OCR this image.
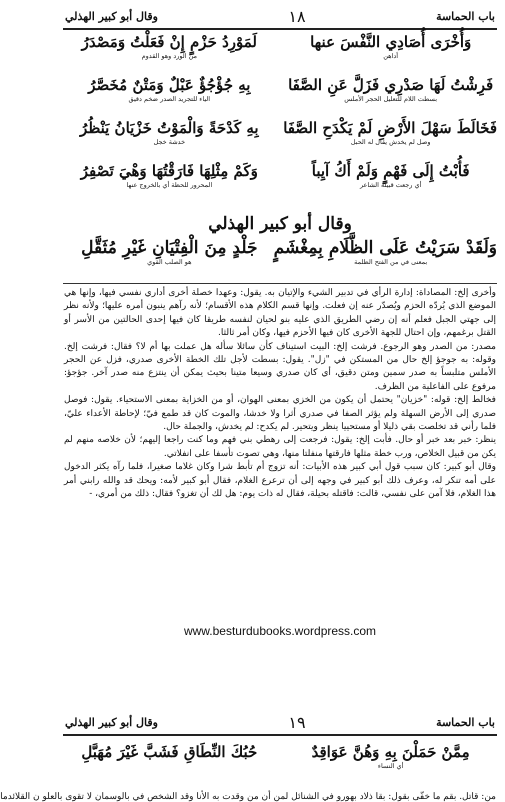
باب الحماسة
١٨
وقال أبو كبير الهذلي
وَأُخْرَى أُصَادِي النَّفْسَ عنها
أداهن
لَمَوْرِدُ حَزْمٍ إِنْ فَعَلْتُ وَمَصْدَرُ
من الورد وهو القدوم
فَرِشْتُ لَهَا صَدْرِي فَزَلَّ عَنِ الصَّفَا
بسطت اللام للتعليل الحجر الأملس
بِهِ جُؤْجُؤٌ عَبْلٌ وَمَتْنٌ مُخَصَّرُ
الياء للتجريد الصدر ضخم دقيق
فَخَالَطَ سَهْلَ الأَرْضِ لَمْ يَكْدَحِ الصَّفَا
وصل لم يخدش يقال له الحبل
بِهِ كَدْحَةً وَالْمَوْتُ خَزْيَانُ يَنْظُرُ
خدشة خجل
فَأُبْتُ إِلَى فَهْمٍ وَلَمْ أَكُ آيِباً
أي رجعت قبيلة الشاعر
وَكَمْ مِثْلِهَا فَارَقْتُهَا وَهْيَ تَصْفِرُ
المحرور للحظة أي بالخروج عنها
وقال أبو كبير الهذلي
وَلَقَدْ سَرَيْتُ عَلَى الظَّلَامِ بِمِغْشَمٍ
بمعنى في من الفتح الظلمة
جَلْدٍ مِنَ الْفِتْيَانِ غَيْرِ مُثَقَّلِ
هو الصلب القوي

وأخرى إلخ: المصاداة: إدارة الرأي في تدبير الشيء والإتيان به. يقول: وعهدا خصلة أخرى أداري نفسي فيها، وإنها هي الموضع الذي يُردّه الحزم ويُصدّر عنه إن فعلت. وإنها قسم الكلام هذه الأقسام؛ لأنه رآهم ينبون أمره عليها؛ ولأنه نظر إلى جهتي الجبل فعلم أنه إن رضي الطريق الذي عليه بنو لحيان لنفسه طريقا كان فيها إحدى الحالتين من الأسر أو القتل برغمهم، وإن احتال للجهة الأخرى كان فيها الأحزم فيها، وكان أمر ثالثا.

مصدر: من الصدر وهو الرجوع. فرشت إلخ: البيت استيناف كأن سائلا سأله هل عملت بها أم لا؟ فقال: فرشت إلخ. وقوله: به جوجؤ إلخ حال من المستكن في "زل". يقول: بسطت لأجل تلك الخطة الأخرى صدري، فزل عن الحجر الأملس متلبساً به صدر سمين ومتن دقيق، أي كان صدري وسيعا متينا بحيث يمكن أن ينتزع منه صدر آخر. جؤجؤ: مرفوع على الفاعلية من الظرف.

فخالط إلخ: قوله: "خزيان" يحتمل أن يكون من الخزي بمعنى الهوان، أو من الخزاية بمعنى الاستحياء. يقول: فوصل صدري إلى الأرض السهلة ولم يؤثر الصفا في صدري أثرا ولا خدشا، والموت كان قد طمع فيّ؛ لإحاطة الأعداء عليّ، فلما رأني قد تخلصت بقي ذليلا أو مستحييا ينظر ويتحير. لم يكدح: لم يخدش، والجملة حال.

ينظر: خبر بعد خبر أو حال. فأبت إلخ: يقول: فرجعت إلى رهطي بني فهم وما كنت راجعا إليهم؛ لأن خلاصه منهم لم يكن من قبيل الخلاص، ورب خطة مثلها فارقتها منفلتا منها، وهي تصوت تأسفا على انفلاتي.

وقال أبو كبير: كان سبب قول أبي كبير هذه الأبيات: أنه تزوج أم تأبط شرا وكان غلاما صغيرا، فلما رآه يكثر الدخول على أمه تنكر له، وعرف ذلك أبو كبير في وجهه إلى أن ترعرع الغلام، فقال أبو كبير لأمه: ويحك قد والله رابني أمر هذا الغلام، فلا آمن على نفسي، قالت: فاقتله بحيلة، فقال له ذات يوم: هل لك أن تغزو؟ فقال: ذلك من أمري، -

www.besturdubooks.wordpress.com
باب الحماسة
١٩
وقال أبو كبير الهذلي
مِمَّنْ حَمَلْنَ بِهِ وَهُنَّ عَوَاقِدٌ
أي النساء
حُبُكَ النِّطَاقِ فَشَبَّ غَيْرَ مُهَبَّلِ
من: قاتل. بقم ما خفّى بقول: بقا ذلاد بهورو في الشنائل لمن أن من وقدت به الأنا وقد الشخص في بالوسمان لا تقوى بالعلو ن القلائدما
